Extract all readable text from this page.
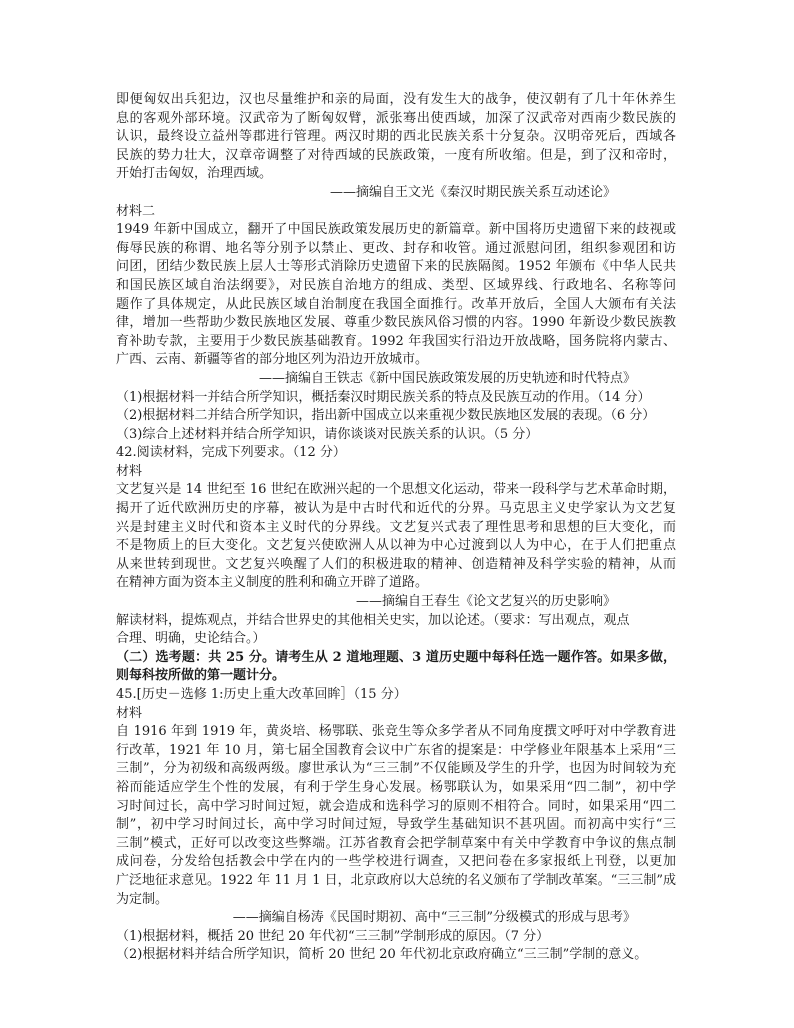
即便匈奴出兵犯边，汉也尽量维护和亲的局面，没有发生大的战争，使汉朝有了几十年休养生

息的客观外部环境。汉武帝为了断匈奴臂，派张骞出使西域，加深了汉武帝对西南少数民族的

认识，最终设立益州等郡进行管理。两汉时期的西北民族关系十分复杂。汉明帝死后，西域各

民族的势力壮大，汉章帝调整了对待西域的民族政策，一度有所收缩。但是，到了汉和帝时，

开始打击匈奴，治理西域。

——摘编自王文光《秦汉时期民族关系互动述论》

材料二

1949 年新中国成立，翻开了中国民族政策发展历史的新篇章。新中国将历史遗留下来的歧视或

侮辱民族的称谓、地名等分别予以禁止、更改、封存和收管。通过派慰问团，组织参观团和访

问团，团结少数民族上层人士等形式消除历史遗留下来的民族隔阂。1952 年颁布《中华人民共

和国民族区域自治法纲要》，对民族自治地方的组成、类型、区域界线、行政地名、名称等问

题作了具体规定，从此民族区域自治制度在我国全面推行。改革开放后，全国人大颁布有关法

律，增加一些帮助少数民族地区发展、尊重少数民族风俗习惯的内容。1990 年新设少数民族教

育补助专款，主要用于少数民族基础教育。1992 年我国实行沿边开放战略，国务院将内蒙古、

广西、云南、新疆等省的部分地区列为沿边开放城市。

——摘编自王铁志《新中国民族政策发展的历史轨迹和时代特点》

（1)根据材料一并结合所学知识，概括秦汉时期民族关系的特点及民族互动的作用。（14 分）

（2)根据材料二并结合所学知识，指出新中国成立以来重视少数民族地区发展的表现。（6 分）

（3)综合上述材料并结合所学知识，请你谈谈对民族关系的认识。（5 分）

42.阅读材料，完成下列要求。（12 分）

材料

文艺复兴是 14 世纪至 16 世纪在欧洲兴起的一个思想文化运动，带来一段科学与艺术革命时期，

揭开了近代欧洲历史的序幕，被认为是中古时代和近代的分界。马克思主义史学家认为文艺复

兴是封建主义时代和资本主义时代的分界线。文艺复兴式表了理性思考和思想的巨大变化，而

不是物质上的巨大变化。文艺复兴使欧洲人从以神为中心过渡到以人为中心，在于人们把重点

从来世转到现世。文艺复兴唤醒了人们的积极进取的精神、创造精神及科学实验的精神，从而

在精神方面为资本主义制度的胜利和确立开辟了道路。

——摘编自王春生《论文艺复兴的历史影响》

解读材料，提炼观点，并结合世界史的其他相关史实，加以论述。（要求：写出观点，观点

合理、明确，史论结合。）

（二）选考题：共 25 分。请考生从 2 道地理题、3 道历史题中每科任选一题作答。如果多做，

则每科按所做的第一题计分。

45.[历史－选修 1:历史上重大改革回眸］（15 分）

材料

自 1916 年到 1919 年，黄炎培、杨鄂联、张竞生等众多学者从不同角度撰文呼吁对中学教育进

行改革，1921 年 10 月，第七届全国教育会议中广东省的提案是：中学修业年限基本上采用“三

三制”，分为初级和高级两级。廖世承认为“三三制”不仅能顾及学生的升学，也因为时间较为充

裕而能适应学生个性的发展，有利于学生身心发展。杨鄂联认为，如果采用“四二制”，初中学

习时间过长，高中学习时间过短，就会造成和选科学习的原则不相符合。同时，如果采用“四二

制”，初中学习时间过长，高中学习时间过短，导致学生基础知识不甚巩固。而初高中实行“三

三制”模式，正好可以改变这些弊端。江苏省教育会把学制草案中有关中学教育中争议的焦点制

成问卷，分发给包括教会中学在内的一些学校进行调查，又把问卷在多家报纸上刊登，以更加

广泛地征求意见。1922 年 11 月 1 日，北京政府以大总统的名义颁布了学制改革案。“三三制”成

为定制。

——摘编自杨涛《民国时期初、高中“三三制”分级模式的形成与思考》

（1)根据材料，概括 20 世纪 20 年代初“三三制”学制形成的原因。（7 分）

（2)根据材料并结合所学知识，简析 20 世纪 20 年代初北京政府确立“三三制”学制的意义。
